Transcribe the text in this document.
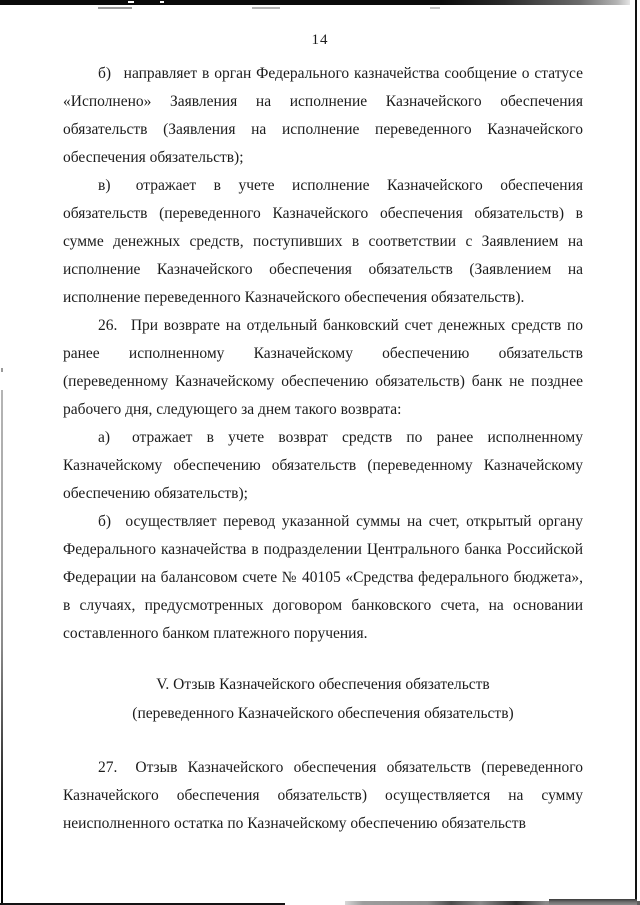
14

б)  направляет в орган Федерального казначейства сообщение о статусе «Исполнено» Заявления на исполнение Казначейского обеспечения обязательств (Заявления на исполнение переведенного Казначейского обеспечения обязательств);

в)  отражает в учете исполнение Казначейского обеспечения обязательств (переведенного Казначейского обеспечения обязательств) в сумме денежных средств, поступивших в соответствии с Заявлением на исполнение Казначейского обеспечения обязательств (Заявлением на исполнение переведенного Казначейского обеспечения обязательств).

26.  При возврате на отдельный банковский счет денежных средств по ранее исполненному Казначейскому обеспечению обязательств (переведенному Казначейскому обеспечению обязательств) банк не позднее рабочего дня, следующего за днем такого возврата:

а)  отражает в учете возврат средств по ранее исполненному Казначейскому обеспечению обязательств (переведенному Казначейскому обеспечению обязательств);

б)  осуществляет перевод указанной суммы на счет, открытый органу Федерального казначейства в подразделении Центрального банка Российской Федерации на балансовом счете № 40105 «Средства федерального бюджета», в случаях, предусмотренных договором банковского счета, на основании составленного банком платежного поручения.

V. Отзыв Казначейского обеспечения обязательств
(переведенного Казначейского обеспечения обязательств)

27.  Отзыв Казначейского обеспечения обязательств (переведенного Казначейского обеспечения обязательств) осуществляется на сумму неисполненного остатка по Казначейскому обеспечению обязательств
